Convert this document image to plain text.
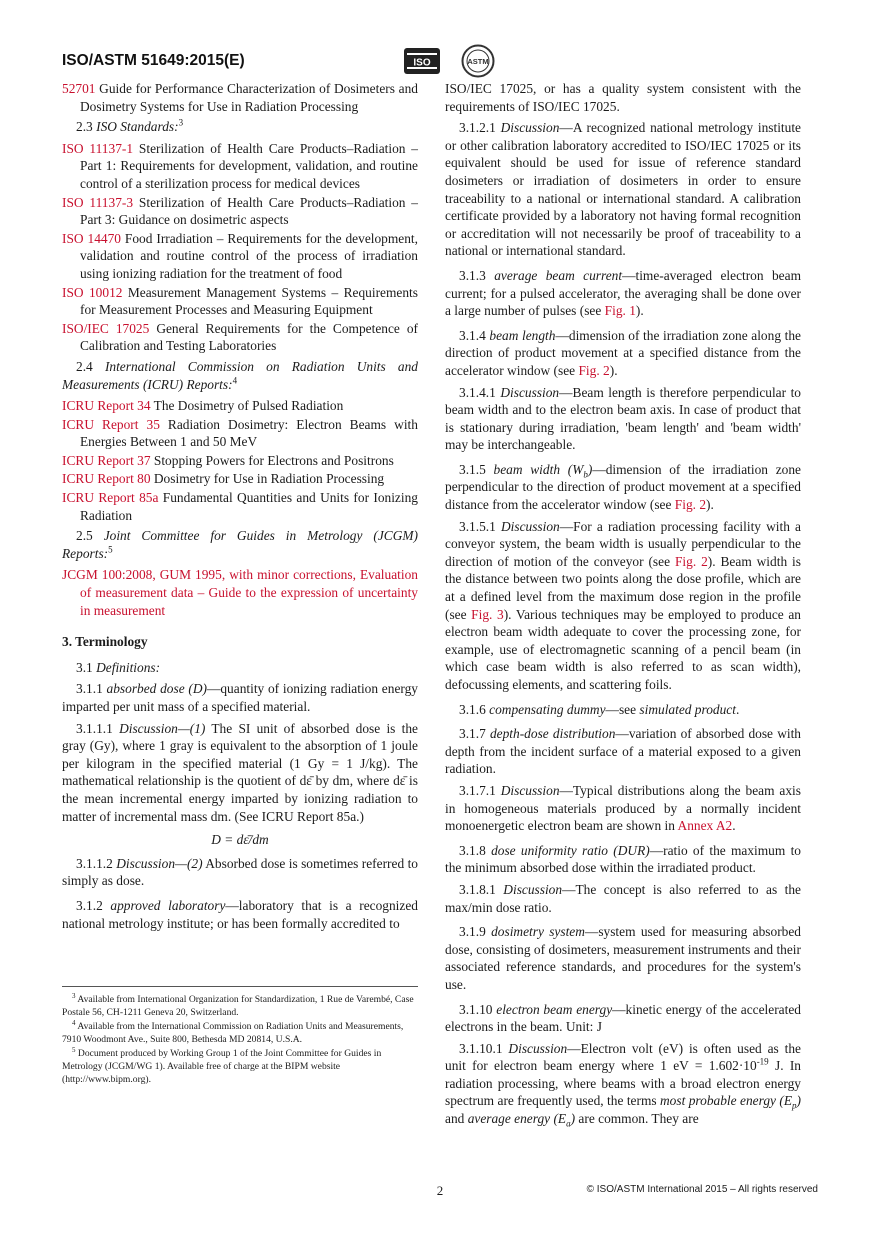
ISO/ASTM 51649:2015(E)	ISO	ASTM

52701 Guide for Performance Characterization of Dosimeters and Dosimetry Systems for Use in Radiation Processing

2.3 ISO Standards:$^3$

ISO 11137-1 Sterilization of Health Care Products–Radiation – Part 1: Requirements for development, validation, and routine control of a sterilization process for medical devices

ISO 11137-3 Sterilization of Health Care Products–Radiation – Part 3: Guidance on dosimetric aspects

ISO 14470 Food Irradiation – Requirements for the development, validation and routine control of the process of irradiation using ionizing radiation for the treatment of food

ISO 10012 Measurement Management Systems – Requirements for Measurement Processes and Measuring Equipment

ISO/IEC 17025 General Requirements for the Competence of Calibration and Testing Laboratories

2.4 International Commission on Radiation Units and Measurements (ICRU) Reports:$^4$

ICRU Report 34 The Dosimetry of Pulsed Radiation

ICRU Report 35 Radiation Dosimetry: Electron Beams with Energies Between 1 and 50 MeV

ICRU Report 37 Stopping Powers for Electrons and Positrons

ICRU Report 80 Dosimetry for Use in Radiation Processing

ICRU Report 85a Fundamental Quantities and Units for Ionizing Radiation

2.5 Joint Committee for Guides in Metrology (JCGM) Reports:$^5$

JCGM 100:2008, GUM 1995, with minor corrections, Evaluation of measurement data – Guide to the expression of uncertainty in measurement

3. Terminology

3.1 Definitions:

3.1.1 absorbed dose (D)—quantity of ionizing radiation energy imparted per unit mass of a specified material.

3.1.1.1 Discussion—(1) The SI unit of absorbed dose is the gray (Gy), where 1 gray is equivalent to the absorption of 1 joule per kilogram in the specified material (1 Gy = 1 J/kg). The mathematical relationship is the quotient of dε̄ by dm, where dε̄ is the mean incremental energy imparted by ionizing radiation to matter of incremental mass dm. (See ICRU Report 85a.)

D = dε̄/dm

3.1.1.2 Discussion—(2) Absorbed dose is sometimes referred to simply as dose.

3.1.2 approved laboratory—laboratory that is a recognized national metrology institute; or has been formally accredited to

$^3$ Available from International Organization for Standardization, 1 Rue de Varembé, Case Postale 56, CH-1211 Geneva 20, Switzerland.

$^4$ Available from the International Commission on Radiation Units and Measurements, 7910 Woodmont Ave., Suite 800, Bethesda MD 20814, U.S.A.

$^5$ Document produced by Working Group 1 of the Joint Committee for Guides in Metrology (JCGM/WG 1). Available free of charge at the BIPM website (http://www.bipm.org).

ISO/IEC 17025, or has a quality system consistent with the requirements of ISO/IEC 17025.

3.1.2.1 Discussion—A recognized national metrology institute or other calibration laboratory accredited to ISO/IEC 17025 or its equivalent should be used for issue of reference standard dosimeters or irradiation of dosimeters in order to ensure traceability to a national or international standard. A calibration certificate provided by a laboratory not having formal recognition or accreditation will not necessarily be proof of traceability to a national or international standard.

3.1.3 average beam current—time-averaged electron beam current; for a pulsed accelerator, the averaging shall be done over a large number of pulses (see Fig. 1).

3.1.4 beam length—dimension of the irradiation zone along the direction of product movement at a specified distance from the accelerator window (see Fig. 2).

3.1.4.1 Discussion—Beam length is therefore perpendicular to beam width and to the electron beam axis. In case of product that is stationary during irradiation, 'beam length' and 'beam width' may be interchangeable.

3.1.5 beam width $(W_b)—dimension$ of the irradiation zone perpendicular to the direction of product movement at a specified distance from the accelerator window (see Fig. 2).

3.1.5.1 Discussion—For a radiation processing facility with a conveyor system, the beam width is usually perpendicular to the direction of motion of the conveyor (see Fig. 2). Beam width is the distance between two points along the dose profile, which are at a defined level from the maximum dose region in the profile (see Fig. 3). Various techniques may be employed to produce an electron beam width adequate to cover the processing zone, for example, use of electromagnetic scanning of a pencil beam (in which case beam width is also referred to as scan width), defocussing elements, and scattering foils.

3.1.6 compensating dummy—see simulated product.

3.1.7 depth-dose distribution—variation of absorbed dose with depth from the incident surface of a material exposed to a given radiation.

3.1.7.1 Discussion—Typical distributions along the beam axis in homogeneous materials produced by a normally incident monoenergetic electron beam are shown in Annex A2.

3.1.8 dose uniformity ratio (DUR)—ratio of the maximum to the minimum absorbed dose within the irradiated product.

3.1.8.1 Discussion—The concept is also referred to as the max/min dose ratio.

3.1.9 dosimetry system—system used for measuring absorbed dose, consisting of dosimeters, measurement instruments and their associated reference standards, and procedures for the system's use.

3.1.10 electron beam energy—kinetic energy of the accelerated electrons in the beam. Unit: J

3.1.10.1 Discussion—Electron volt (eV) is often used as the unit for electron beam energy where 1 eV = $1.602\cdot 10^{-19}$ J. In radiation processing, where beams with a broad electron energy spectrum are frequently used, the terms most probable energy $(E_p)$ and average energy $(E_a)$ are common. They are

2	© ISO/ASTM International 2015 – All rights reserved
